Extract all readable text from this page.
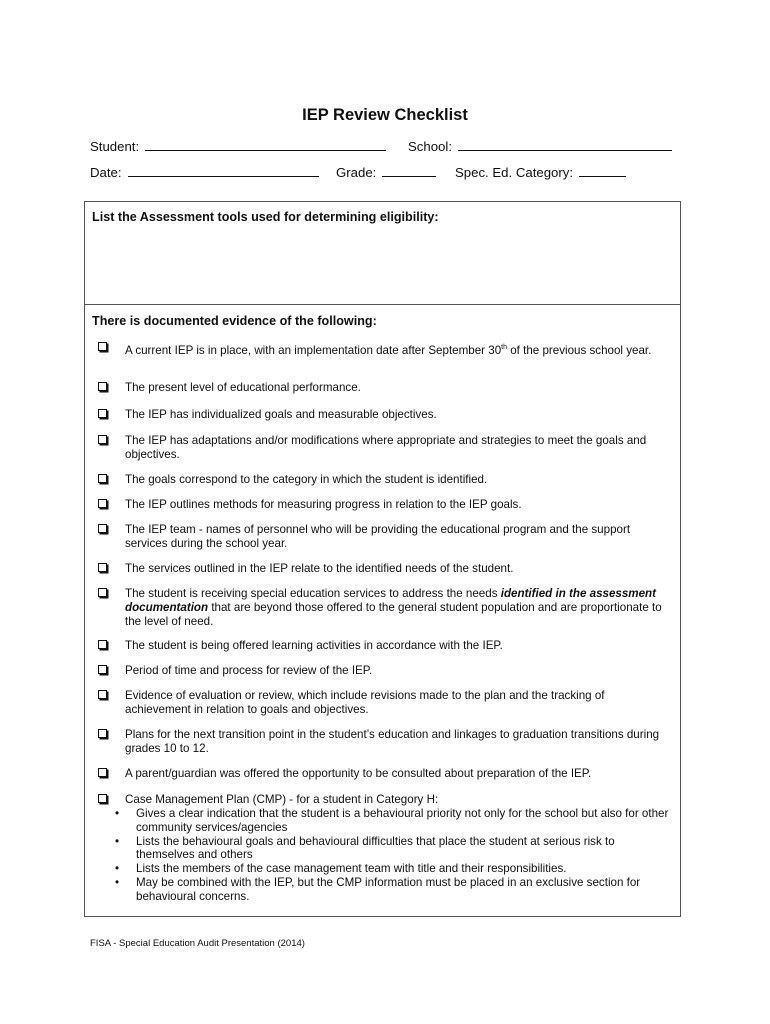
IEP Review Checklist
Student:	School:
Date:	Grade:	Spec. Ed. Category:
List the Assessment tools used for determining eligibility:
There is documented evidence of the following:
A current IEP is in place, with an implementation date after September 30th of the previous school year.
The present level of educational performance.
The IEP has individualized goals and measurable objectives.
The IEP has adaptations and/or modifications where appropriate and strategies to meet the goals and objectives.
The goals correspond to the category in which the student is identified.
The IEP outlines methods for measuring progress in relation to the IEP goals.
The IEP team - names of personnel who will be providing the educational program and the support services during the school year.
The services outlined in the IEP relate to the identified needs of the student.
The student is receiving special education services to address the needs identified in the assessment documentation that are beyond those offered to the general student population and are proportionate to the level of need.
The student is being offered learning activities in accordance with the IEP.
Period of time and process for review of the IEP.
Evidence of evaluation or review, which include revisions made to the plan and the tracking of achievement in relation to goals and objectives.
Plans for the next transition point in the student’s education and linkages to graduation transitions during grades 10 to 12.
A parent/guardian was offered the opportunity to be consulted about preparation of the IEP.
Case Management Plan (CMP) - for a student in Category H:
• Gives a clear indication that the student is a behavioural priority not only for the school but also for other community services/agencies
• Lists the behavioural goals and behavioural difficulties that place the student at serious risk to themselves and others
• Lists the members of the case management team with title and their responsibilities.
• May be combined with the IEP, but the CMP information must be placed in an exclusive section for behavioural concerns.
FISA - Special Education Audit Presentation (2014)
